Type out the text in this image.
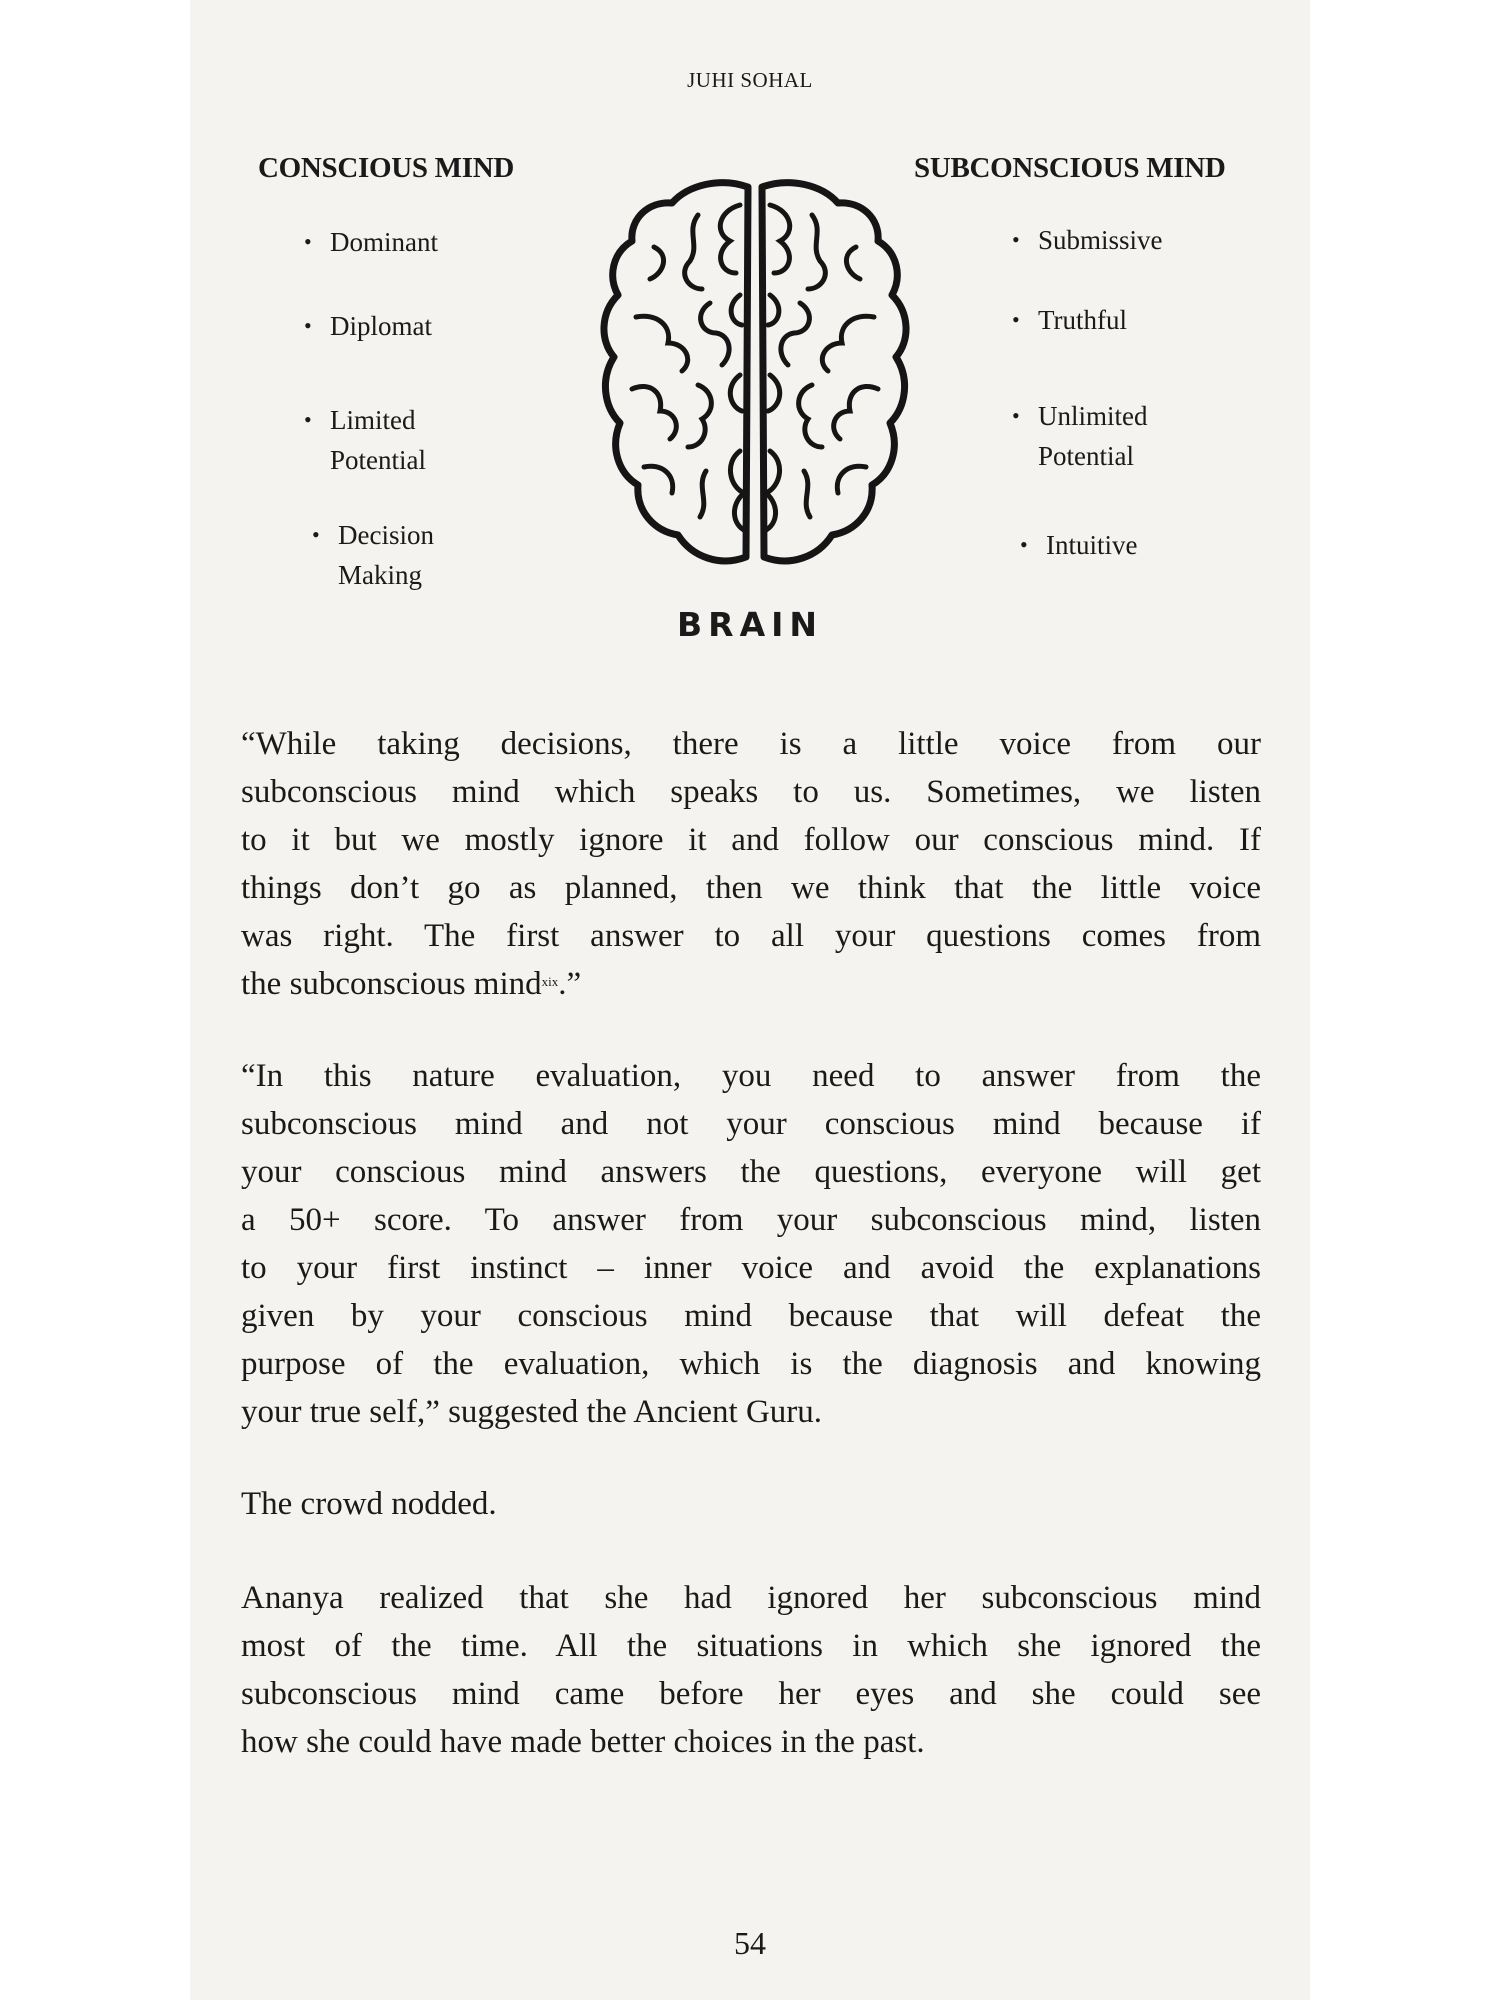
JUHI SOHAL
CONSCIOUS MIND	SUBCONSCIOUS MIND
• Dominant
• Diplomat
• Limited
Potential
• Decision
Making
• Submissive
• Truthful
• Unlimited
Potential
• Intuitive
BRAIN
“While taking decisions, there is a little voice from our
subconscious mind which speaks to us. Sometimes, we listen
to it but we mostly ignore it and follow our conscious mind. If
things don’t go as planned, then we think that the little voice
was right. The first answer to all your questions comes from
the subconscious mind$^{xix}$.”
“In this nature evaluation, you need to answer from the
subconscious mind and not your conscious mind because if
your conscious mind answers the questions, everyone will get
a 50+ score. To answer from your subconscious mind, listen
to your first instinct – inner voice and avoid the explanations
given by your conscious mind because that will defeat the
purpose of the evaluation, which is the diagnosis and knowing
your true self,” suggested the Ancient Guru.
The crowd nodded.
Ananya realized that she had ignored her subconscious mind
most of the time. All the situations in which she ignored the
subconscious mind came before her eyes and she could see
how she could have made better choices in the past.
54
